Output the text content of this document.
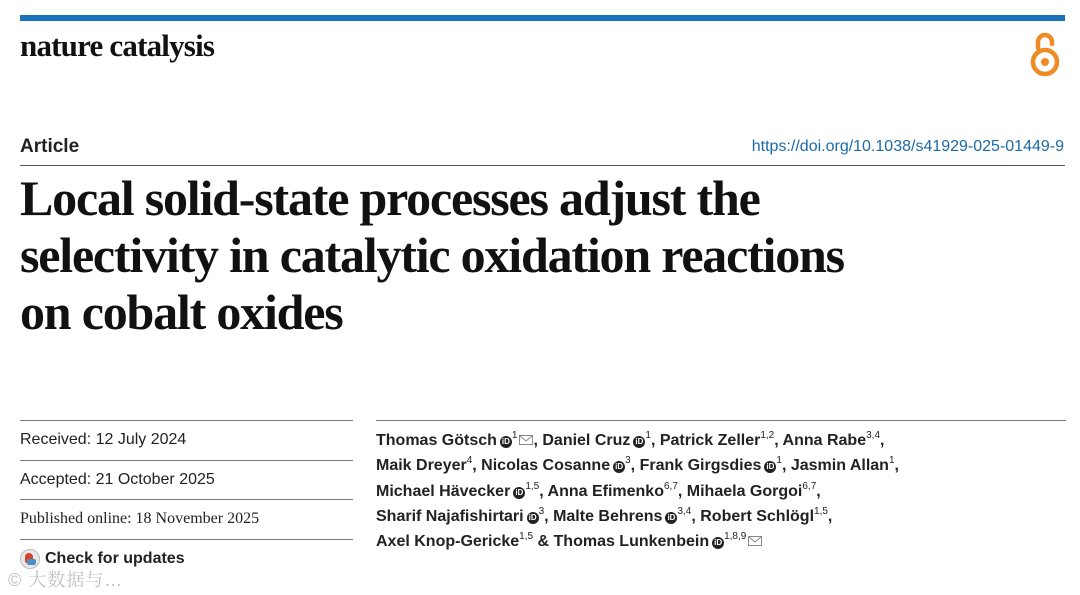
nature catalysis
Article	https://doi.org/10.1038/s41929-025-01449-9
Local solid-state processes adjust the
selectivity in catalytic oxidation reactions
on cobalt oxides
Received: 12 July 2024
Accepted: 21 October 2025
Published online: 18 November 2025
Check for updates
Thomas Götsch $iD^1$ , Daniel Cruz $iD^1$, Patrick Zeller$^{1,2}$, Anna Rabe$^{3,4}$,
Maik Dreyer$^4$, Nicolas Cosanne $iD^3$, Frank Girgsdies $iD^1$, Jasmin Allan$^1$,
Michael Hävecker iD$^{1,5}$, Anna Efimenko$^{6,7}$, Mihaela Gorgoi$^{6,7}$,
Sharif Najafishirtari $iD^3$, Malte Behrens iD$^{3,4}$, Robert Schlögl$^{1,5}$,
Axel Knop-Gericke$^{1,5}$ & Thomas Lunkenbein iD$^{1,8,9}$
© 大数据与…
